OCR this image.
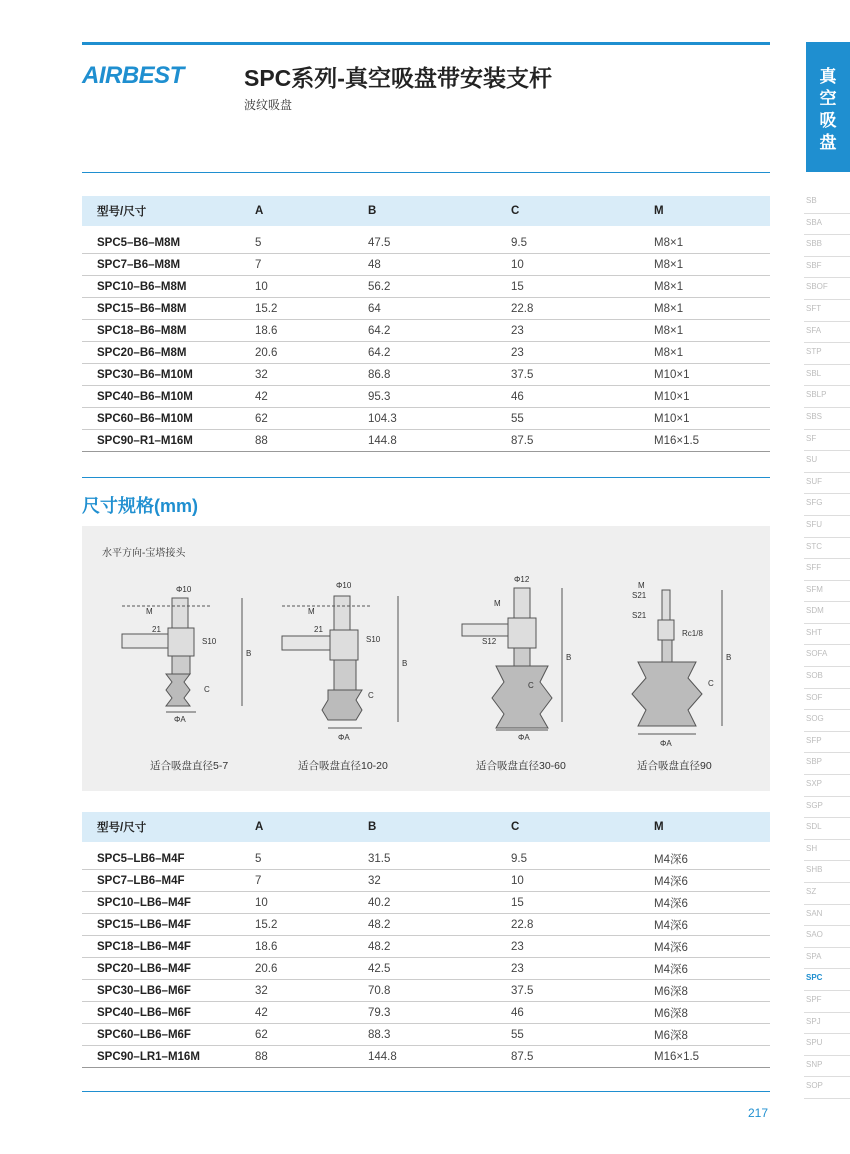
AIRBEST	SPC系列-真空吸盘带安装支杆
波纹吸盘
真
空
吸
盘
型号/尺寸	A	B	C	M
SPC5–B6–M8M	5	47.5	9.5	M8×1
SPC7–B6–M8M	7	48	10	M8×1
SPC10–B6–M8M	10	56.2	15	M8×1
SPC15–B6–M8M	15.2	64	22.8	M8×1
SPC18–B6–M8M	18.6	64.2	23	M8×1
SPC20–B6–M8M	20.6	64.2	23	M8×1
SPC30–B6–M10M	32	86.8	37.5	M10×1
SPC40–B6–M10M	42	95.3	46	M10×1
SPC60–B6–M10M	62	104.3	55	M10×1
SPC90–R1–M16M	88	144.8	87.5	M16×1.5
尺寸规格(mm)
水平方向-宝塔接头
Φ10
M
21
S10
B
C
ΦA
Φ10
M
21
S10
B
C
ΦA
Φ12
M
S12
B
C
ΦA
M
S21
S21
Rc1/8
B
C
ΦA
适合吸盘直径5-7	适合吸盘直径10-20	适合吸盘直径30-60	适合吸盘直径90
型号/尺寸	A	B	C	M
SPC5–LB6–M4F	5	31.5	9.5	M4深6
SPC7–LB6–M4F	7	32	10	M4深6
SPC10–LB6–M4F	10	40.2	15	M4深6
SPC15–LB6–M4F	15.2	48.2	22.8	M4深6
SPC18–LB6–M4F	18.6	48.2	23	M4深6
SPC20–LB6–M4F	20.6	42.5	23	M4深6
SPC30–LB6–M6F	32	70.8	37.5	M6深8
SPC40–LB6–M6F	42	79.3	46	M6深8
SPC60–LB6–M6F	62	88.3	55	M6深8
SPC90–LR1–M16M	88	144.8	87.5	M16×1.5
217
SB
SBA
SBB
SBF
SBOF
SFT
SFA
STP
SBL
SBLP
SBS
SF
SU
SUF
SFG
SFU
STC
SFF
SFM
SDM
SHT
SOFA
SOB
SOF
SOG
SFP
SBP
SXP
SGP
SDL
SH
SHB
SZ
SAN
SAO
SPA
SPC
SPF
SPJ
SPU
SNP
SOP
